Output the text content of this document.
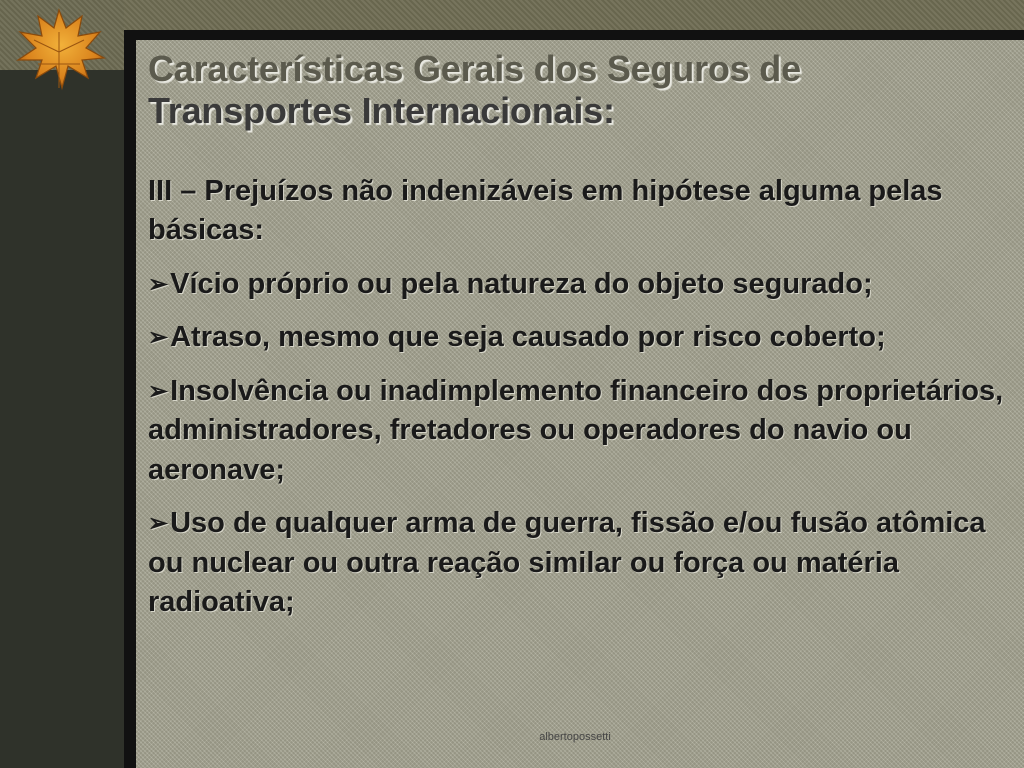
Características Gerais dos Seguros de
Transportes Internacionais:

III – Prejuízos não indenizáveis em hipótese alguma pelas básicas:

➢Vício próprio ou pela natureza do objeto segurado;

➢Atraso, mesmo que seja causado por risco coberto;

➢Insolvência ou inadimplemento financeiro dos proprietários, administradores, fretadores ou operadores do navio ou aeronave;

➢Uso de qualquer arma de guerra, fissão e/ou fusão atômica ou nuclear ou outra reação similar ou força ou matéria radioativa;

albertopossetti
